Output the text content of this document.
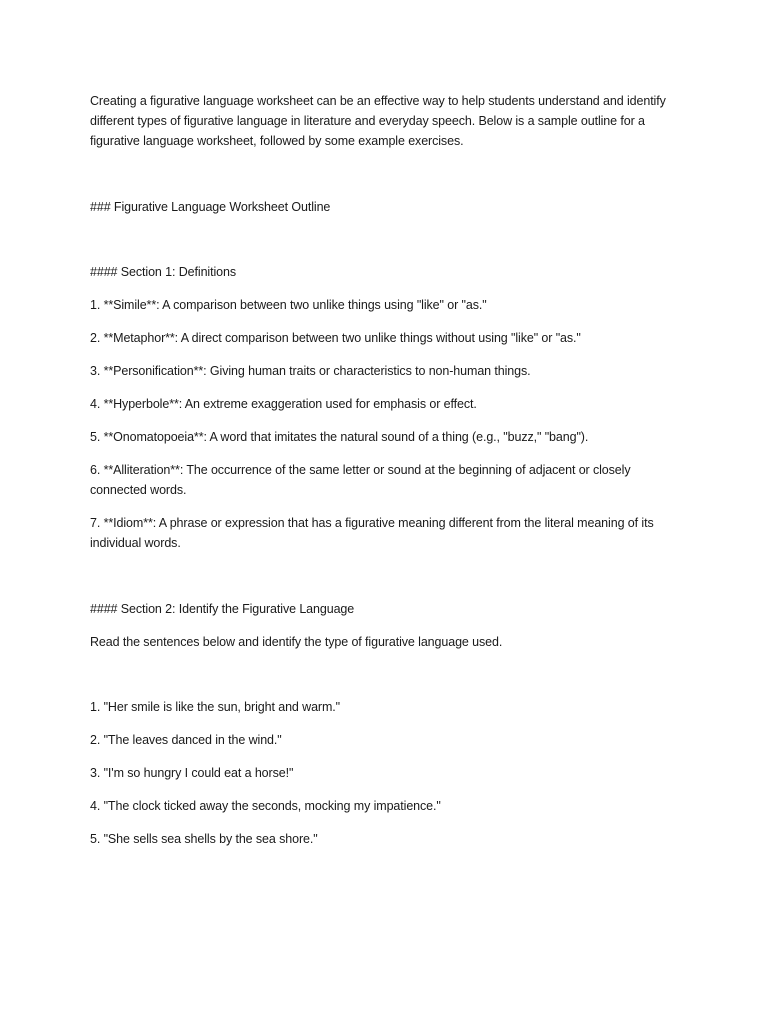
Creating a figurative language worksheet can be an effective way to help students understand and identify different types of figurative language in literature and everyday speech. Below is a sample outline for a figurative language worksheet, followed by some example exercises.

### Figurative Language Worksheet Outline

#### Section 1: Definitions

1. **Simile**: A comparison between two unlike things using "like" or "as."

2. **Metaphor**: A direct comparison between two unlike things without using "like" or "as."

3. **Personification**: Giving human traits or characteristics to non-human things.

4. **Hyperbole**: An extreme exaggeration used for emphasis or effect.

5. **Onomatopoeia**: A word that imitates the natural sound of a thing (e.g., "buzz," "bang").

6. **Alliteration**: The occurrence of the same letter or sound at the beginning of adjacent or closely connected words.

7. **Idiom**: A phrase or expression that has a figurative meaning different from the literal meaning of its individual words.

#### Section 2: Identify the Figurative Language

Read the sentences below and identify the type of figurative language used.

1. "Her smile is like the sun, bright and warm."

2. "The leaves danced in the wind."

3. "I'm so hungry I could eat a horse!"

4. "The clock ticked away the seconds, mocking my impatience."

5. "She sells sea shells by the sea shore."
